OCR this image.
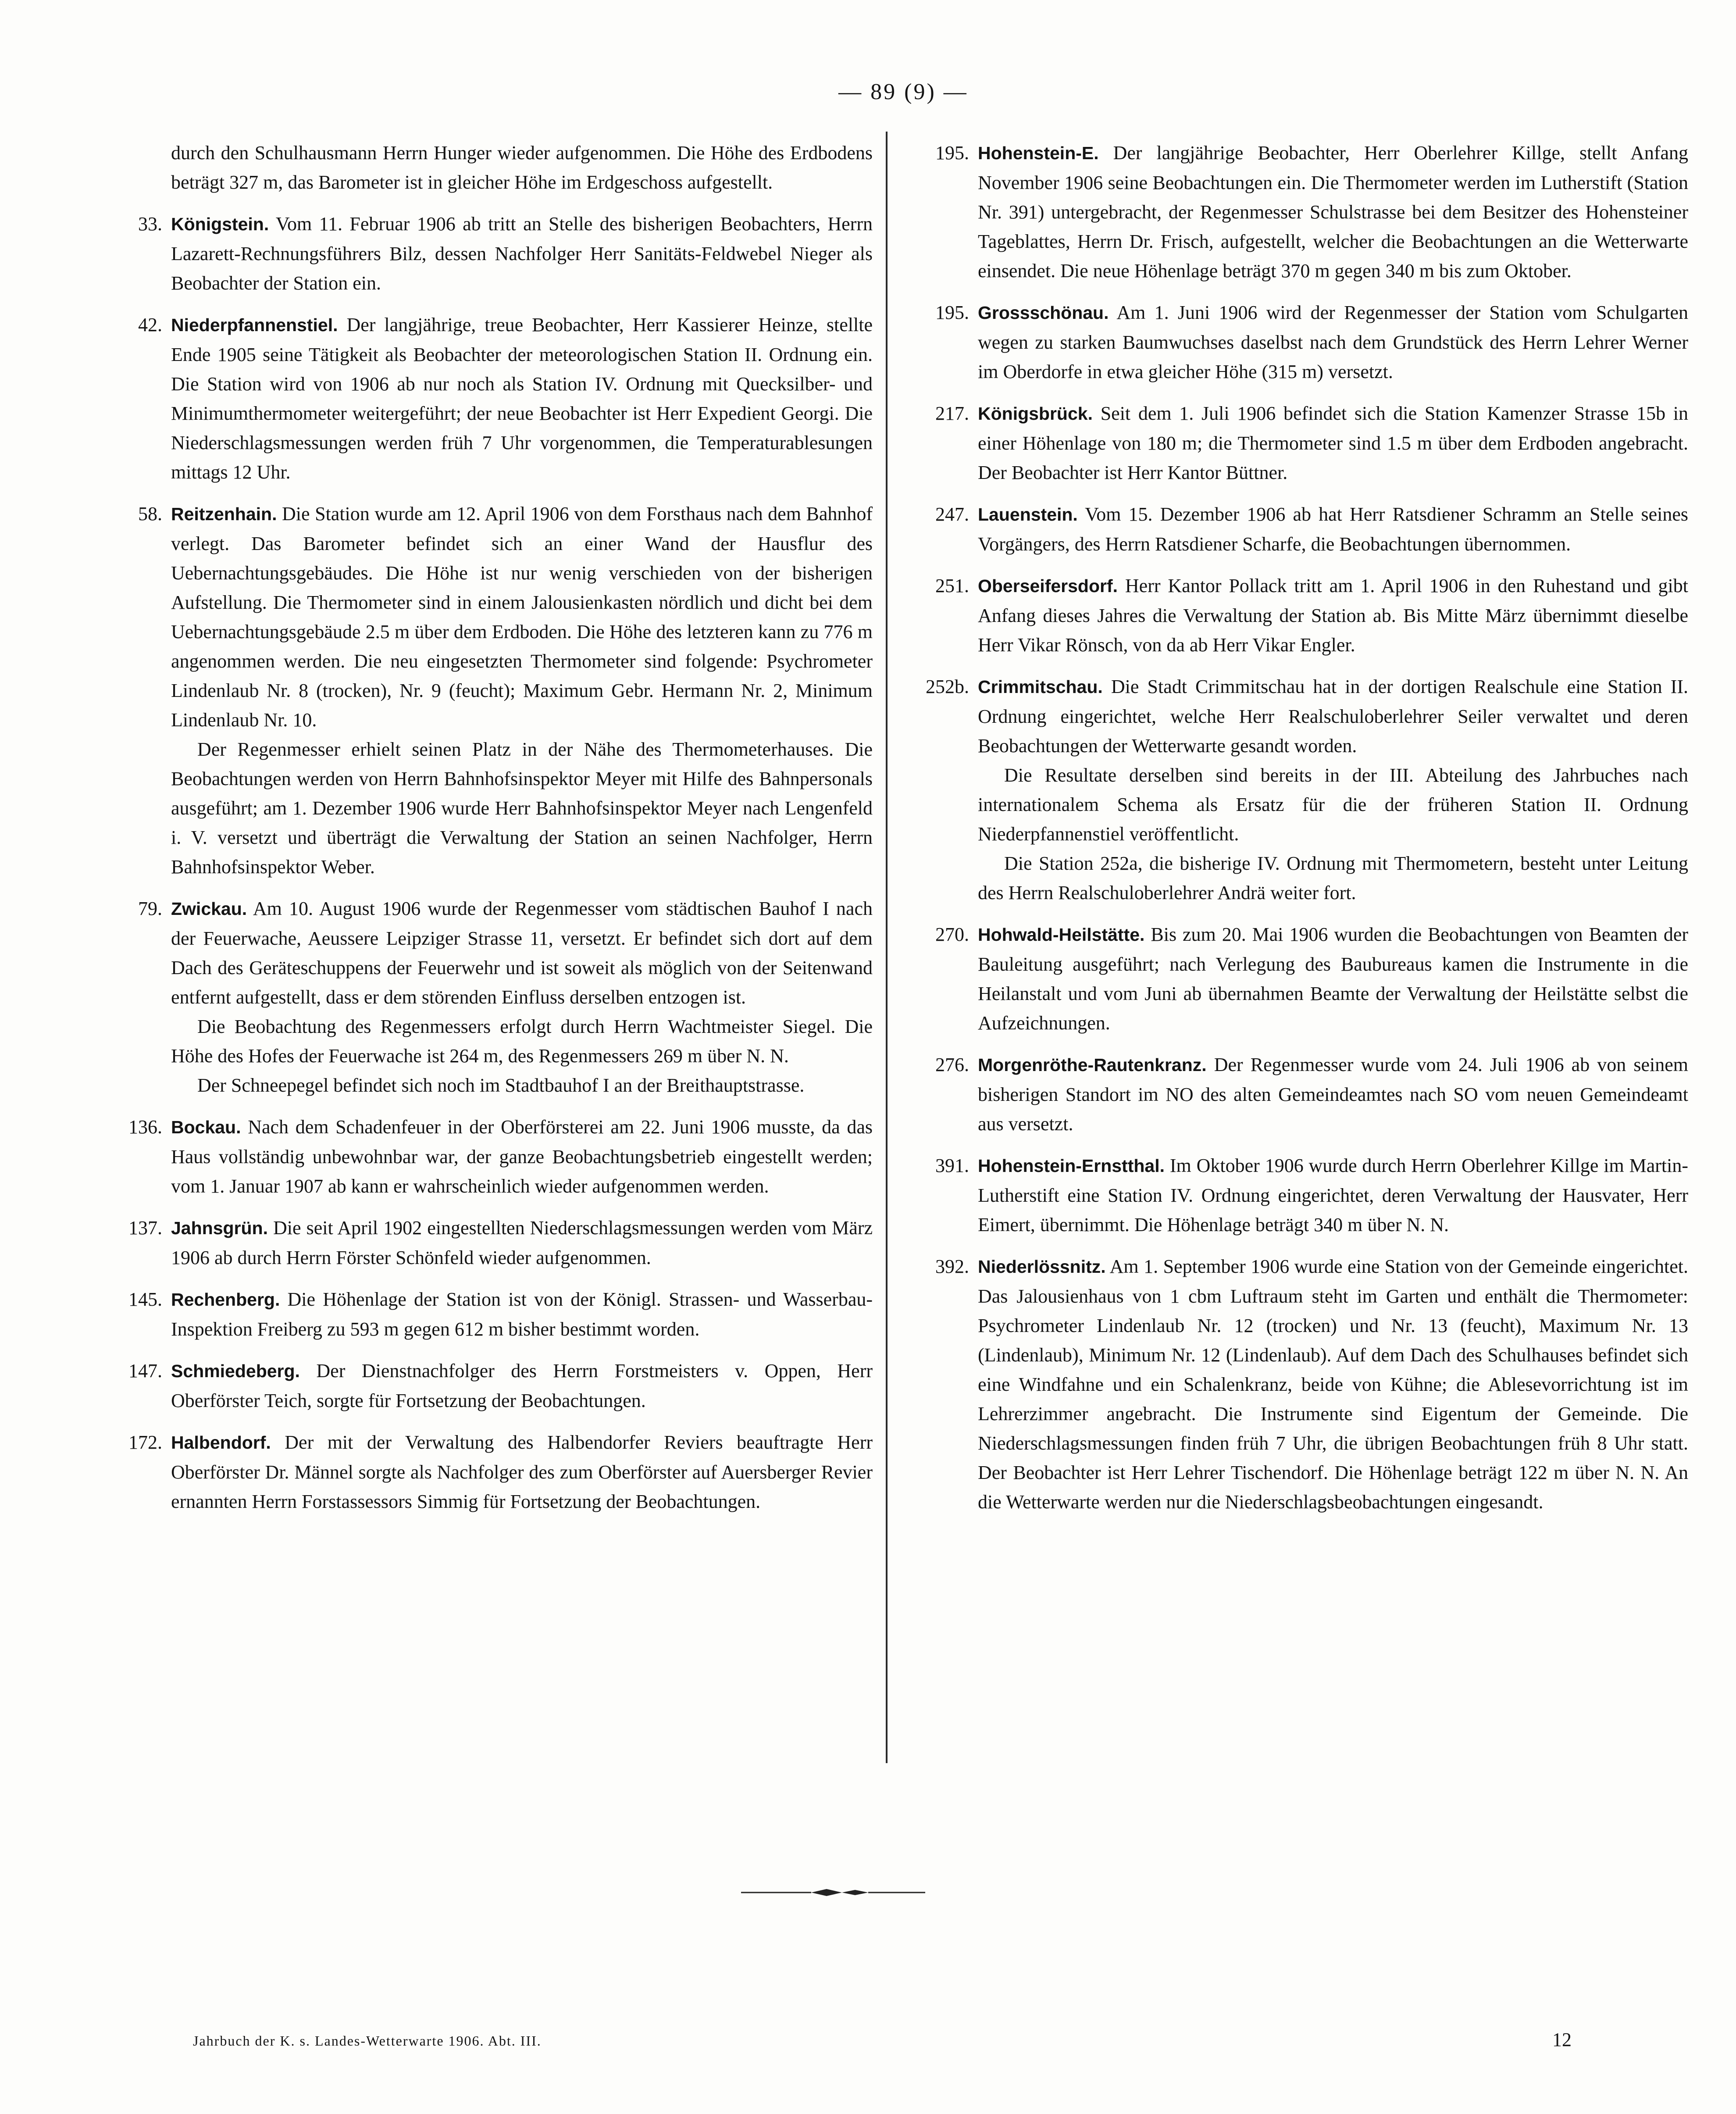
— 89 (9) —

durch den Schulhausmann Herrn Hunger wieder aufgenommen. Die Höhe des Erdbodens beträgt 327 m, das Barometer ist in gleicher Höhe im Erdgeschoss aufgestellt.

33. Königstein. Vom 11. Februar 1906 ab tritt an Stelle des bisherigen Beobachters, Herrn Lazarett-Rechnungsführers Bilz, dessen Nachfolger Herr Sanitäts-Feldwebel Nieger als Beobachter der Station ein.

42. Niederpfannenstiel. Der langjährige, treue Beobachter, Herr Kassierer Heinze, stellte Ende 1905 seine Tätigkeit als Beobachter der meteorologischen Station II. Ordnung ein. Die Station wird von 1906 ab nur noch als Station IV. Ordnung mit Quecksilber- und Minimumthermometer weitergeführt; der neue Beobachter ist Herr Expedient Georgi. Die Niederschlagsmessungen werden früh 7 Uhr vorgenommen, die Temperaturablesungen mittags 12 Uhr.

58. Reitzenhain. Die Station wurde am 12. April 1906 von dem Forsthaus nach dem Bahnhof verlegt. Das Barometer befindet sich an einer Wand der Hausflur des Uebernachtungsgebäudes. Die Höhe ist nur wenig verschieden von der bisherigen Aufstellung. Die Thermometer sind in einem Jalousienkasten nördlich und dicht bei dem Uebernachtungsgebäude 2.5 m über dem Erdboden. Die Höhe des letzteren kann zu 776 m angenommen werden. Die neu eingesetzten Thermometer sind folgende: Psychrometer Lindenlaub Nr. 8 (trocken), Nr. 9 (feucht); Maximum Gebr. Hermann Nr. 2, Minimum Lindenlaub Nr. 10.

Der Regenmesser erhielt seinen Platz in der Nähe des Thermometerhauses. Die Beobachtungen werden von Herrn Bahnhofsinspektor Meyer mit Hilfe des Bahnpersonals ausgeführt; am 1. Dezember 1906 wurde Herr Bahnhofsinspektor Meyer nach Lengenfeld i. V. versetzt und überträgt die Verwaltung der Station an seinen Nachfolger, Herrn Bahnhofsinspektor Weber.

79. Zwickau. Am 10. August 1906 wurde der Regenmesser vom städtischen Bauhof I nach der Feuerwache, Aeussere Leipziger Strasse 11, versetzt. Er befindet sich dort auf dem Dach des Geräteschuppens der Feuerwehr und ist soweit als möglich von der Seitenwand entfernt aufgestellt, dass er dem störenden Einfluss derselben entzogen ist.

Die Beobachtung des Regenmessers erfolgt durch Herrn Wachtmeister Siegel. Die Höhe des Hofes der Feuerwache ist 264 m, des Regenmessers 269 m über N. N.

Der Schneepegel befindet sich noch im Stadtbauhof I an der Breithauptstrasse.

136. Bockau. Nach dem Schadenfeuer in der Oberförsterei am 22. Juni 1906 musste, da das Haus vollständig unbewohnbar war, der ganze Beobachtungsbetrieb eingestellt werden; vom 1. Januar 1907 ab kann er wahrscheinlich wieder aufgenommen werden.

137. Jahnsgrün. Die seit April 1902 eingestellten Niederschlagsmessungen werden vom März 1906 ab durch Herrn Förster Schönfeld wieder aufgenommen.

145. Rechenberg. Die Höhenlage der Station ist von der Königl. Strassen- und Wasserbau-Inspektion Freiberg zu 593 m gegen 612 m bisher bestimmt worden.

147. Schmiedeberg. Der Dienstnachfolger des Herrn Forstmeisters v. Oppen, Herr Oberförster Teich, sorgte für Fortsetzung der Beobachtungen.

172. Halbendorf. Der mit der Verwaltung des Halbendorfer Reviers beauftragte Herr Oberförster Dr. Männel sorgte als Nachfolger des zum Oberförster auf Auersberger Revier ernannten Herrn Forstassessors Simmig für Fortsetzung der Beobachtungen.

195. Hohenstein-E. Der langjährige Beobachter, Herr Oberlehrer Killge, stellt Anfang November 1906 seine Beobachtungen ein. Die Thermometer werden im Lutherstift (Station Nr. 391) untergebracht, der Regenmesser Schulstrasse bei dem Besitzer des Hohensteiner Tageblattes, Herrn Dr. Frisch, aufgestellt, welcher die Beobachtungen an die Wetterwarte einsendet. Die neue Höhenlage beträgt 370 m gegen 340 m bis zum Oktober.

195. Grossschönau. Am 1. Juni 1906 wird der Regenmesser der Station vom Schulgarten wegen zu starken Baumwuchses daselbst nach dem Grundstück des Herrn Lehrer Werner im Oberdorfe in etwa gleicher Höhe (315 m) versetzt.

217. Königsbrück. Seit dem 1. Juli 1906 befindet sich die Station Kamenzer Strasse 15b in einer Höhenlage von 180 m; die Thermometer sind 1.5 m über dem Erdboden angebracht. Der Beobachter ist Herr Kantor Büttner.

247. Lauenstein. Vom 15. Dezember 1906 ab hat Herr Ratsdiener Schramm an Stelle seines Vorgängers, des Herrn Ratsdiener Scharfe, die Beobachtungen übernommen.

251. Oberseifersdorf. Herr Kantor Pollack tritt am 1. April 1906 in den Ruhestand und gibt Anfang dieses Jahres die Verwaltung der Station ab. Bis Mitte März übernimmt dieselbe Herr Vikar Rönsch, von da ab Herr Vikar Engler.

252b. Crimmitschau. Die Stadt Crimmitschau hat in der dortigen Realschule eine Station II. Ordnung eingerichtet, welche Herr Realschuloberlehrer Seiler verwaltet und deren Beobachtungen der Wetterwarte gesandt worden.

Die Resultate derselben sind bereits in der III. Abteilung des Jahrbuches nach internationalem Schema als Ersatz für die der früheren Station II. Ordnung Niederpfannenstiel veröffentlicht.

Die Station 252a, die bisherige IV. Ordnung mit Thermometern, besteht unter Leitung des Herrn Realschuloberlehrer Andrä weiter fort.

270. Hohwald-Heilstätte. Bis zum 20. Mai 1906 wurden die Beobachtungen von Beamten der Bauleitung ausgeführt; nach Verlegung des Baubureaus kamen die Instrumente in die Heilanstalt und vom Juni ab übernahmen Beamte der Verwaltung der Heilstätte selbst die Aufzeichnungen.

276. Morgenröthe-Rautenkranz. Der Regenmesser wurde vom 24. Juli 1906 ab von seinem bisherigen Standort im NO des alten Gemeindeamtes nach SO vom neuen Gemeindeamt aus versetzt.

391. Hohenstein-Ernstthal. Im Oktober 1906 wurde durch Herrn Oberlehrer Killge im Martin-Lutherstift eine Station IV. Ordnung eingerichtet, deren Verwaltung der Hausvater, Herr Eimert, übernimmt. Die Höhenlage beträgt 340 m über N. N.

392. Niederlössnitz. Am 1. September 1906 wurde eine Station von der Gemeinde eingerichtet. Das Jalousienhaus von 1 cbm Luftraum steht im Garten und enthält die Thermometer: Psychrometer Lindenlaub Nr. 12 (trocken) und Nr. 13 (feucht), Maximum Nr. 13 (Lindenlaub), Minimum Nr. 12 (Lindenlaub). Auf dem Dach des Schulhauses befindet sich eine Windfahne und ein Schalenkranz, beide von Kühne; die Ablesevorrichtung ist im Lehrerzimmer angebracht. Die Instrumente sind Eigentum der Gemeinde. Die Niederschlagsmessungen finden früh 7 Uhr, die übrigen Beobachtungen früh 8 Uhr statt. Der Beobachter ist Herr Lehrer Tischendorf. Die Höhenlage beträgt 122 m über N. N. An die Wetterwarte werden nur die Niederschlagsbeobachtungen eingesandt.

Jahrbuch der K. s. Landes-Wetterwarte 1906. Abt. III.	12
